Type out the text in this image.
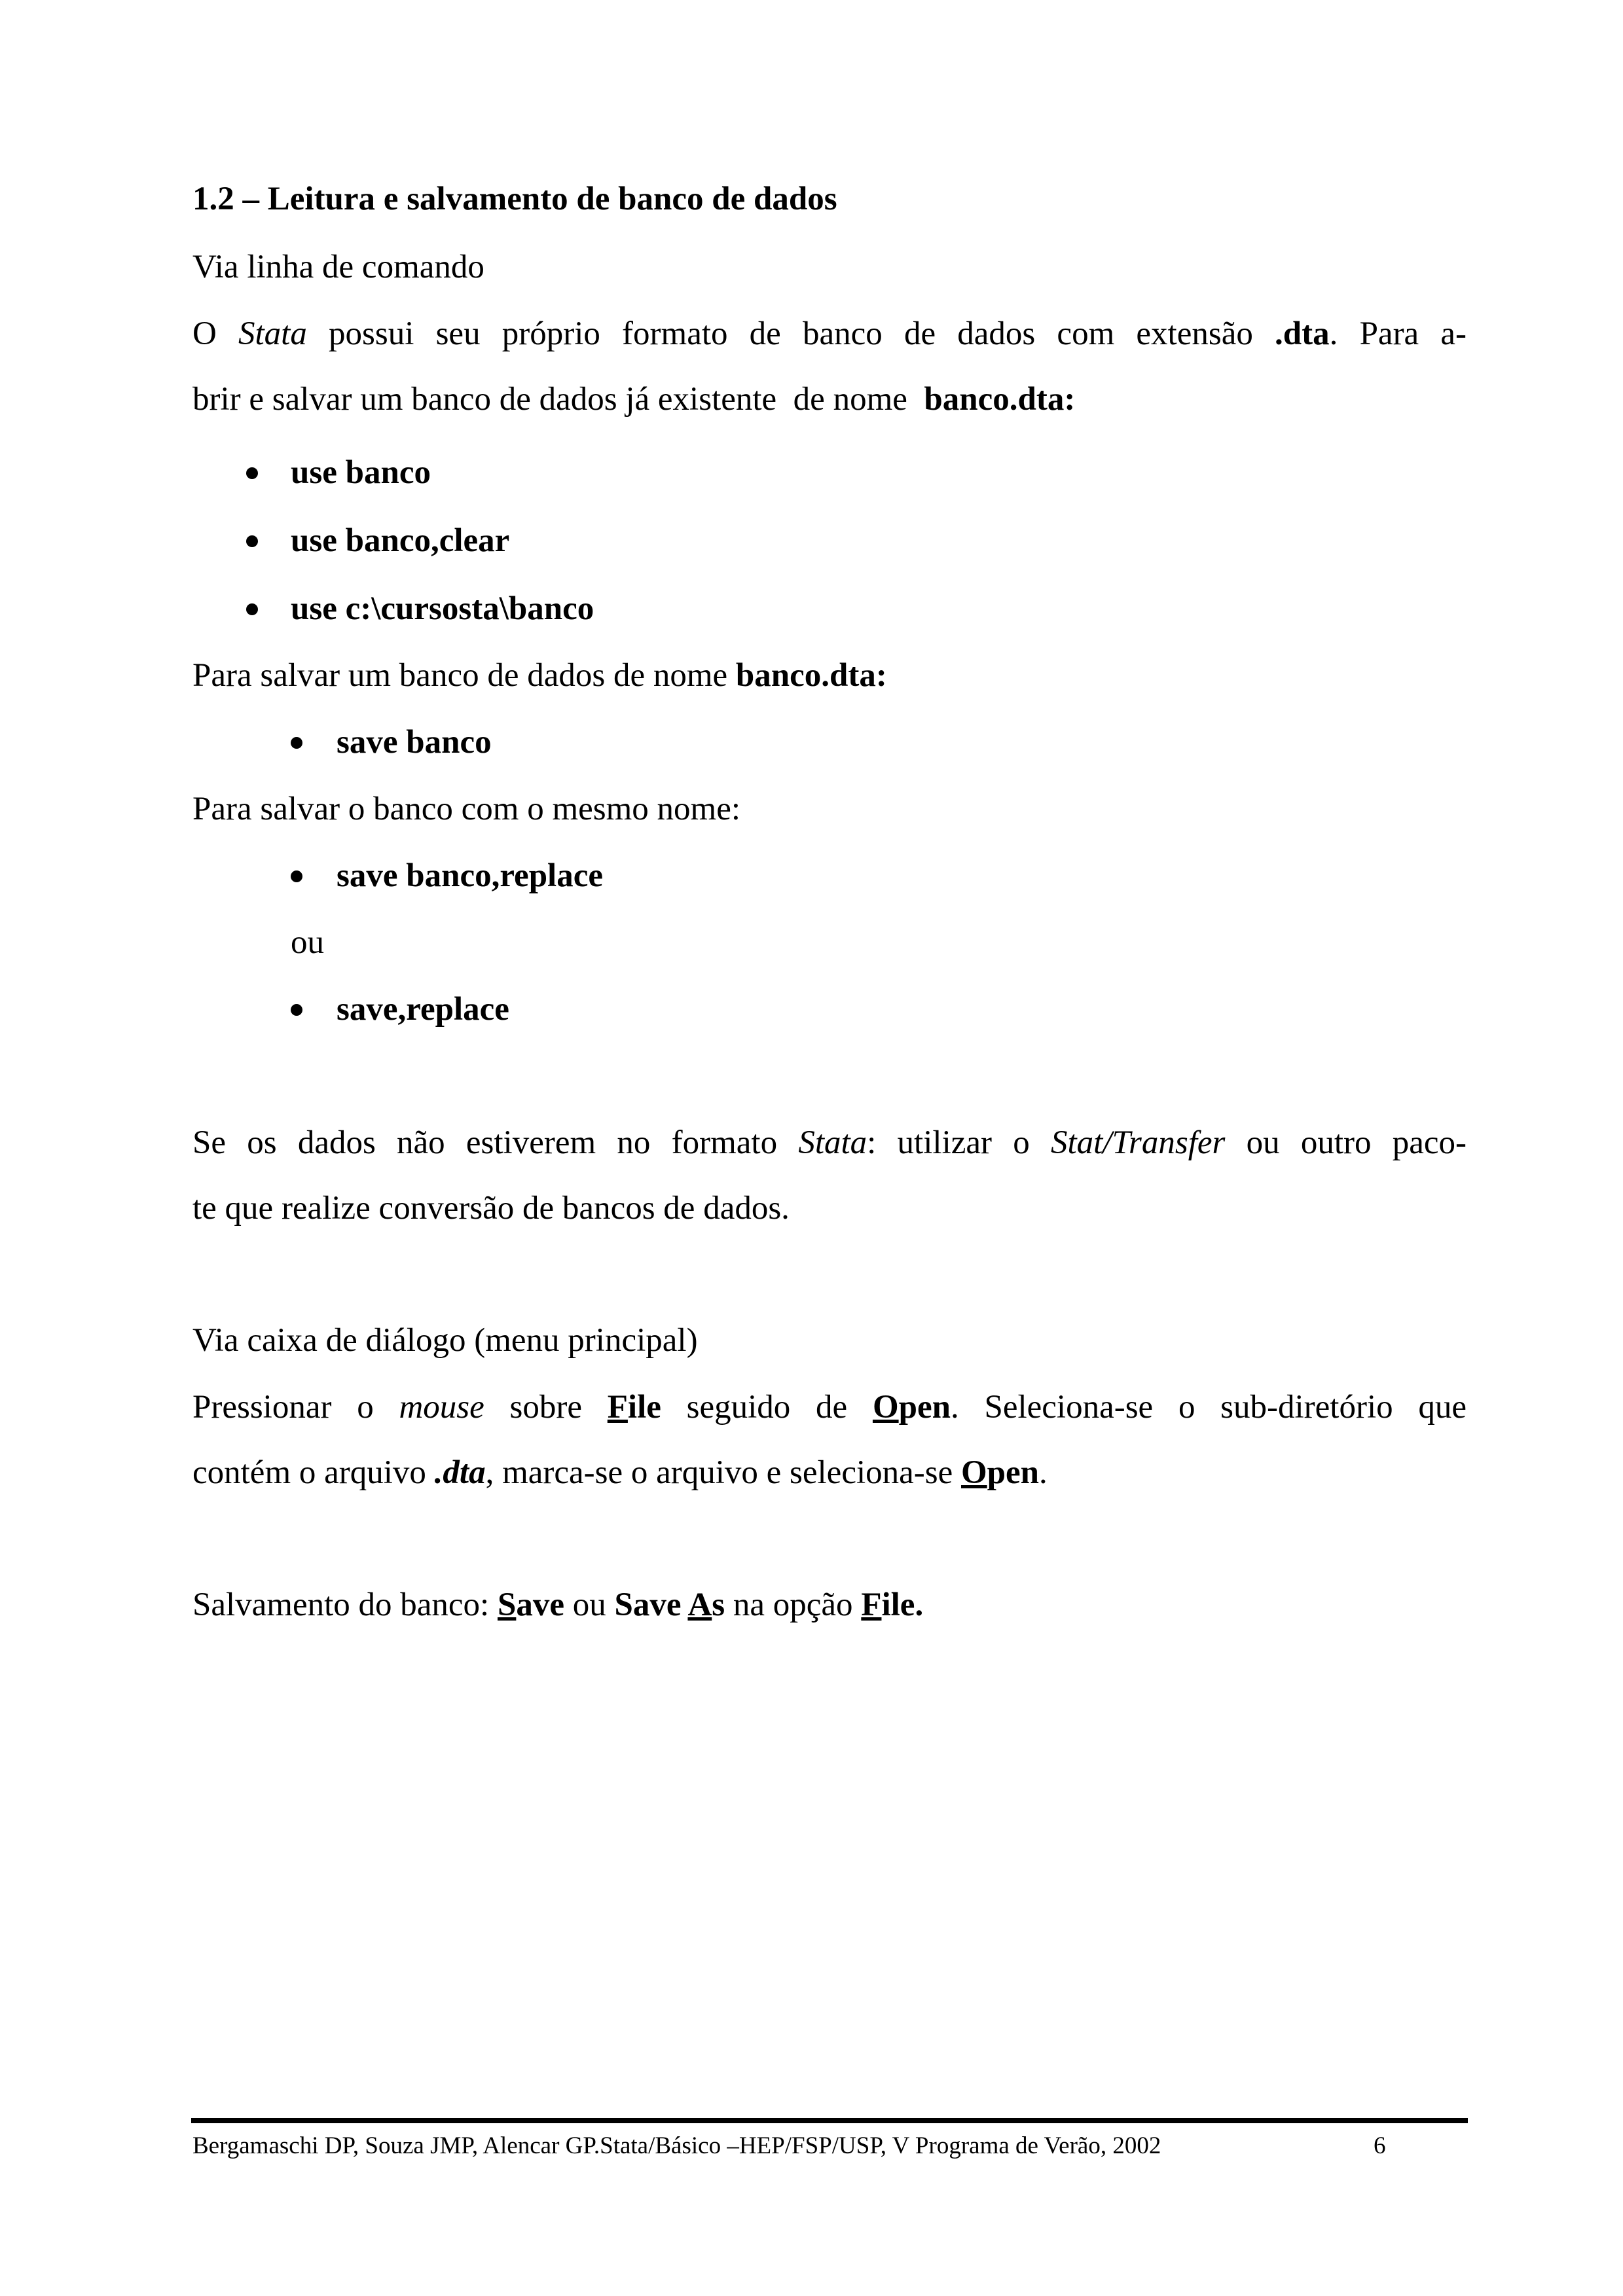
1.2 – Leitura e salvamento de banco de dados
Via linha de comando
O Stata possui seu próprio formato de banco de dados com extensão .dta. Para a-
brir e salvar um banco de dados já existente  de nome  banco.dta:
use banco
use banco,clear
use c:\cursosta\banco
Para salvar um banco de dados de nome banco.dta:
save banco
Para salvar o banco com o mesmo nome:
save banco,replace
ou
save,replace
Se os dados não estiverem no formato Stata: utilizar o Stat/Transfer ou outro paco-
te que realize conversão de bancos de dados.
Via caixa de diálogo (menu principal)
Pressionar o mouse sobre File seguido de Open. Seleciona-se o sub-diretório que
contém o arquivo .dta, marca-se o arquivo e seleciona-se Open.
Salvamento do banco: Save ou Save As na opção File.
Bergamaschi DP, Souza JMP, Alencar GP.Stata/Básico –HEP/FSP/USP, V Programa de Verão, 2002	6
